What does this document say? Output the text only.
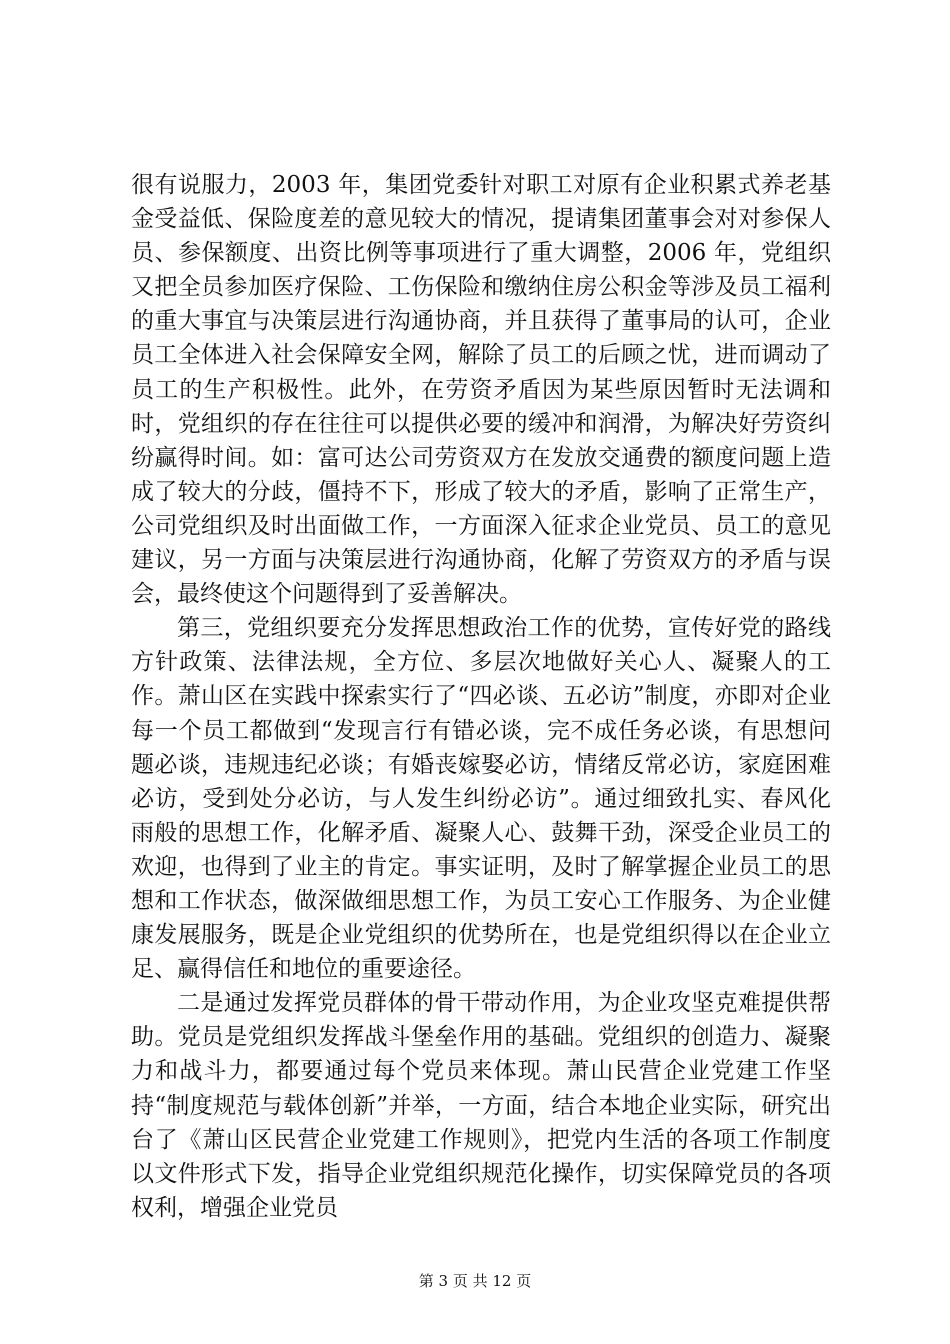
很有说服力，2003 年，集团党委针对职工对原有企业积累式养老基金受益低、保险度差的意见较大的情况，提请集团董事会对对参保人员、参保额度、出资比例等事项进行了重大调整，2006 年，党组织又把全员参加医疗保险、工伤保险和缴纳住房公积金等涉及员工福利的重大事宜与决策层进行沟通协商，并且获得了董事局的认可，企业员工全体进入社会保障安全网，解除了员工的后顾之忧，进而调动了员工的生产积极性。此外，在劳资矛盾因为某些原因暂时无法调和时，党组织的存在往往可以提供必要的缓冲和润滑，为解决好劳资纠纷赢得时间。如：富可达公司劳资双方在发放交通费的额度问题上造成了较大的分歧，僵持不下，形成了较大的矛盾，影响了正常生产，公司党组织及时出面做工作，一方面深入征求企业党员、员工的意见建议，另一方面与决策层进行沟通协商，化解了劳资双方的矛盾与误会，最终使这个问题得到了妥善解决。

第三，党组织要充分发挥思想政治工作的优势，宣传好党的路线方针政策、法律法规，全方位、多层次地做好关心人、凝聚人的工作。萧山区在实践中探索实行了“四必谈、五必访”制度，亦即对企业每一个员工都做到“发现言行有错必谈，完不成任务必谈，有思想问题必谈，违规违纪必谈；有婚丧嫁娶必访，情绪反常必访，家庭困难必访，受到处分必访，与人发生纠纷必访”。通过细致扎实、春风化雨般的思想工作，化解矛盾、凝聚人心、鼓舞干劲，深受企业员工的欢迎，也得到了业主的肯定。事实证明，及时了解掌握企业员工的思想和工作状态，做深做细思想工作，为员工安心工作服务、为企业健康发展服务，既是企业党组织的优势所在，也是党组织得以在企业立足、赢得信任和地位的重要途径。

二是通过发挥党员群体的骨干带动作用，为企业攻坚克难提供帮助。党员是党组织发挥战斗堡垒作用的基础。党组织的创造力、凝聚力和战斗力，都要通过每个党员来体现。萧山民营企业党建工作坚持“制度规范与载体创新”并举，一方面，结合本地企业实际，研究出台了《萧山区民营企业党建工作规则》，把党内生活的各项工作制度以文件形式下发，指导企业党组织规范化操作，切实保障党员的各项权利，增强企业党员

第 3 页 共 12 页
